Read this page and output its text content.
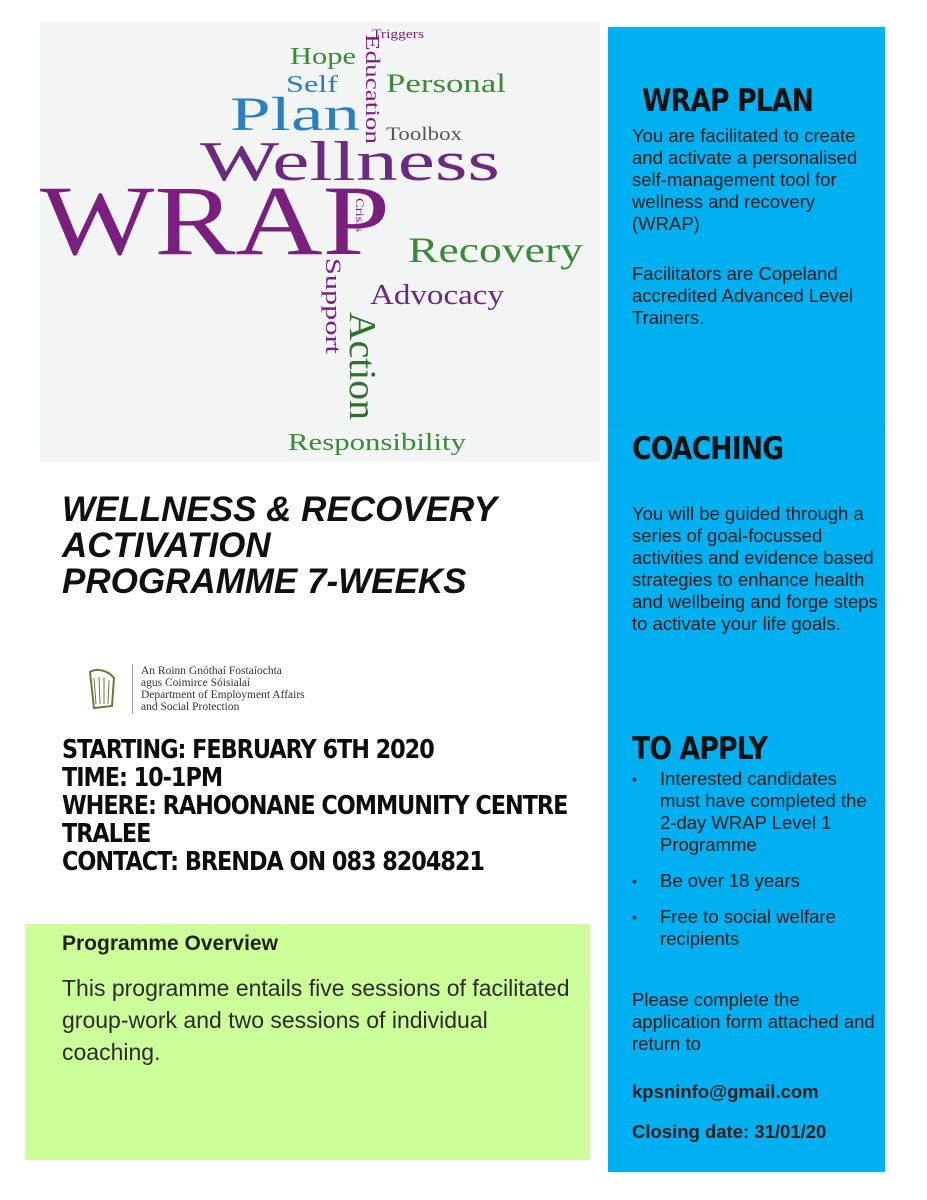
WRAP
Wellness
Plan
Recovery
Advocacy
Action
Support
Responsibility
Hope
Self Personal
Education
Toolbox
Triggers
Crisis
WELLNESS & RECOVERY
ACTIVATION
PROGRAMME 7-WEEKS
An Roinn Gnóthaí Fostaíochta
agus Coimirce Sóisialaí
Department of Employment Affairs
and Social Protection
STARTING: FEBRUARY 6TH 2020
TIME: 10-1PM
WHERE: RAHOONANE COMMUNITY CENTRE
TRALEE
CONTACT: BRENDA ON 083 8204821
Programme Overview

This programme entails five sessions of facilitated group-work and two sessions of individual coaching.

WRAP PLAN

You are facilitated to create and activate a personalised self-management tool for wellness and recovery (WRAP)

Facilitators are Copeland accredited Advanced Level Trainers.

COACHING

You will be guided through a series of goal-focussed activities and evidence based strategies to enhance health and wellbeing and forge steps to activate your life goals.

TO APPLY
• Interested candidates must have completed the 2-day WRAP Level 1 Programme
• Be over 18 years
• Free to social welfare recipients

Please complete the application form attached and return to

kpsninfo@gmail.com

Closing date: 31/01/20
